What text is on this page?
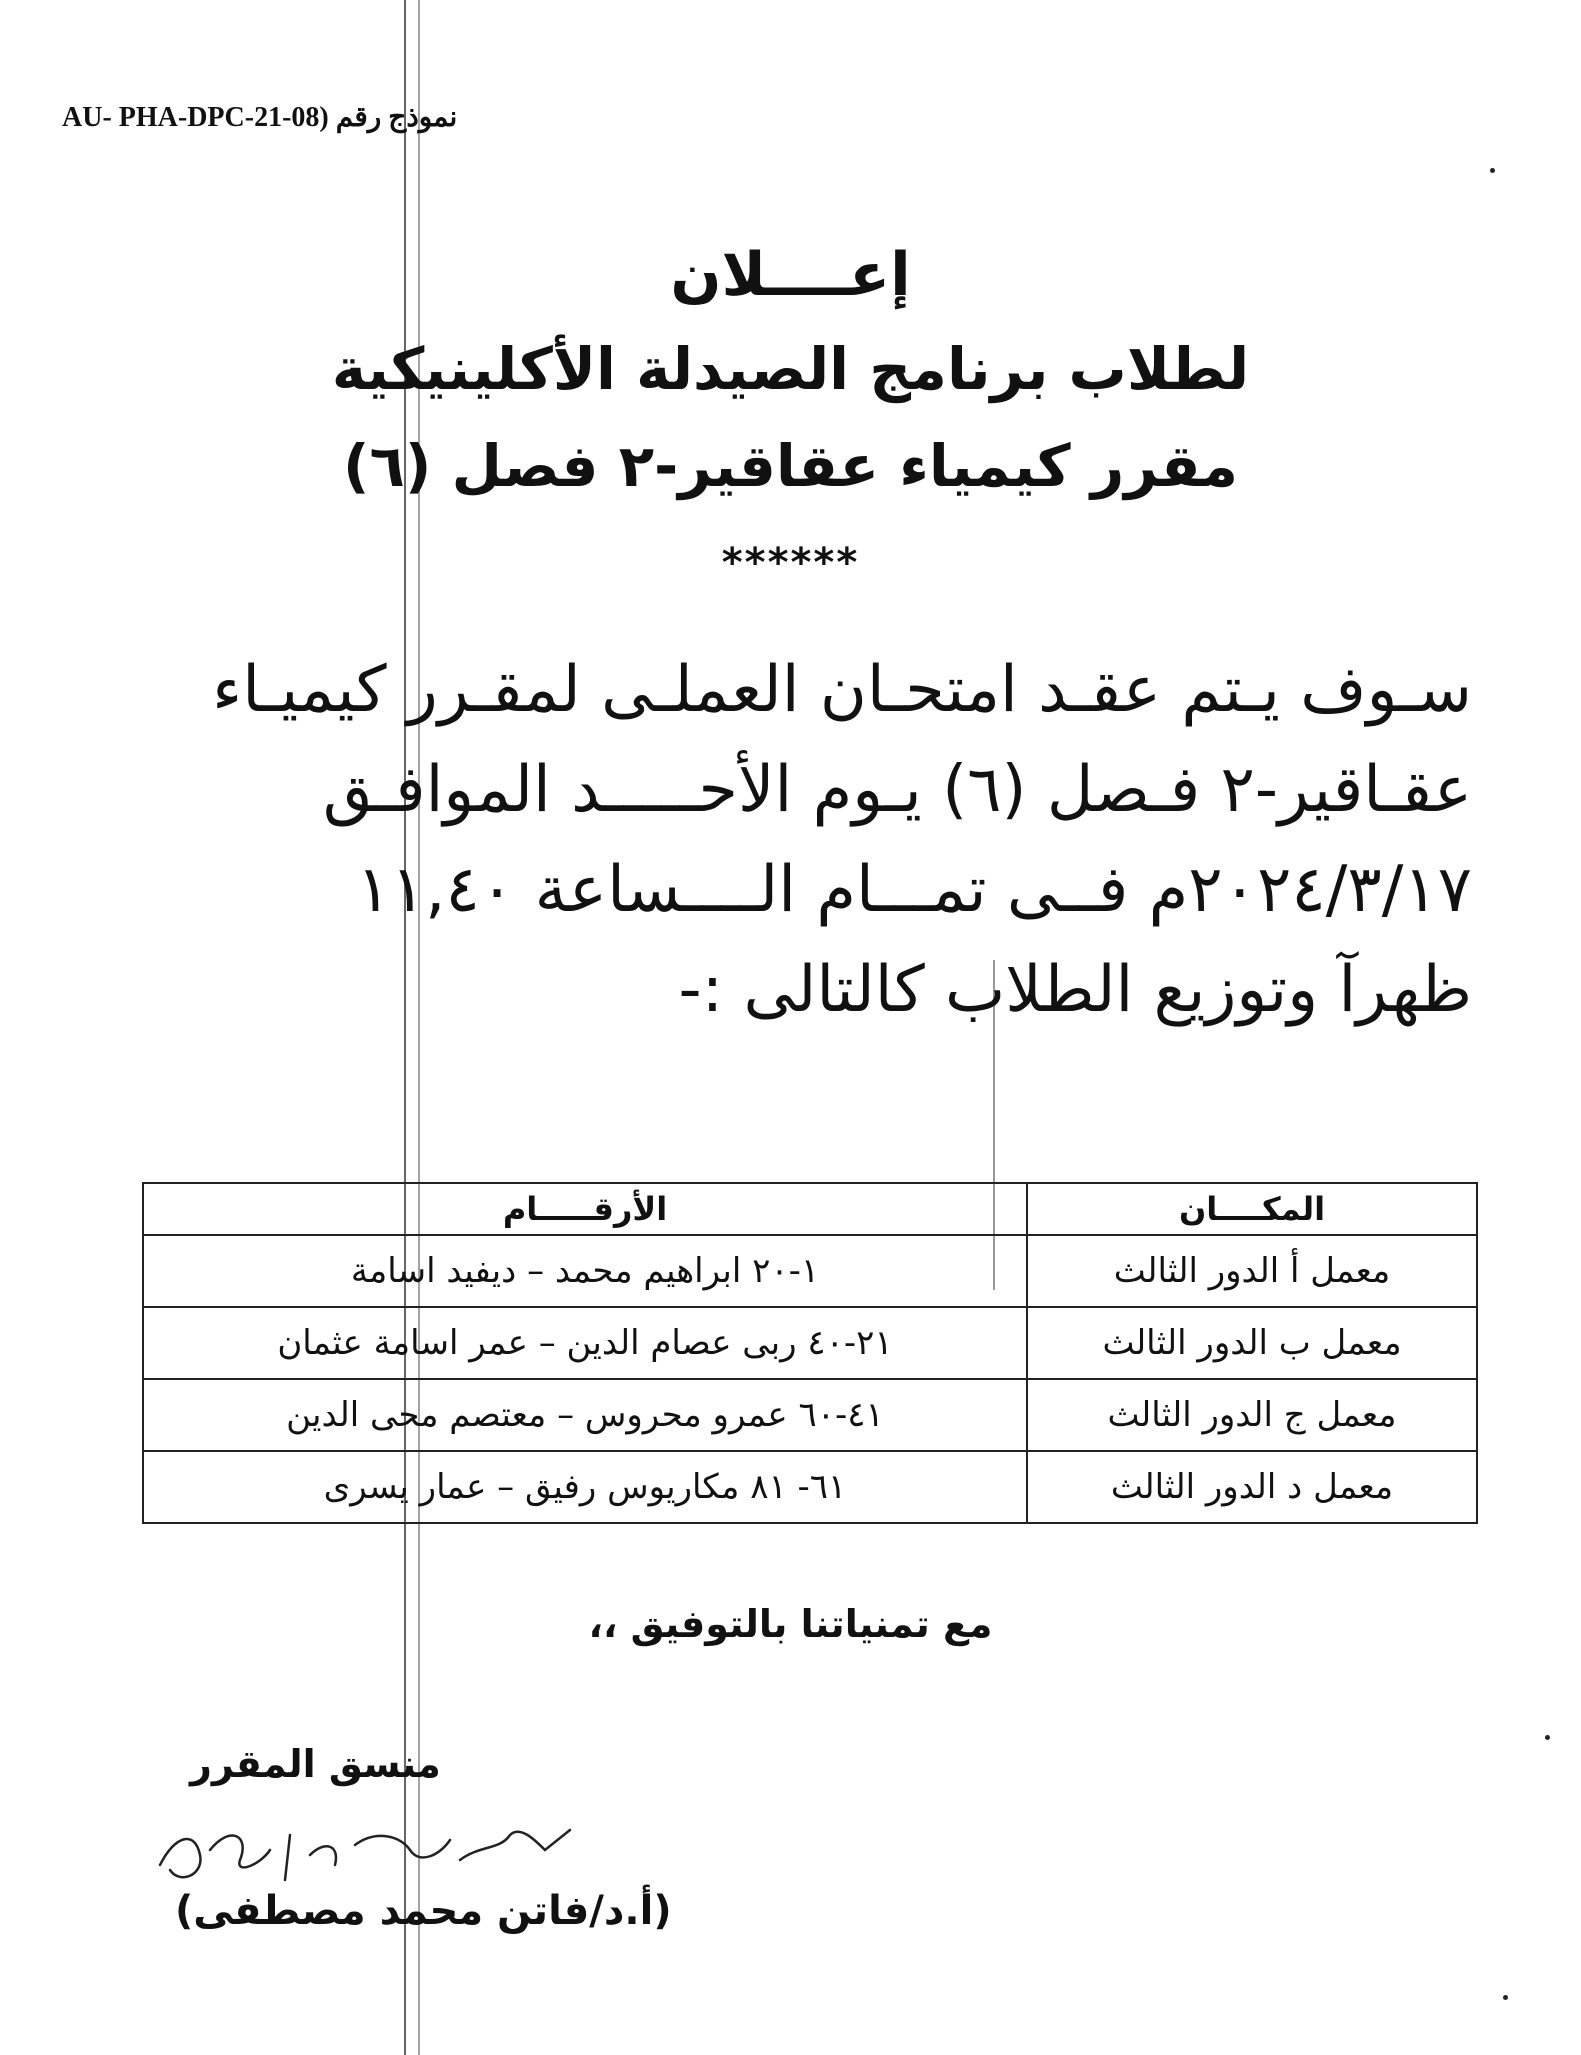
نموذج رقم (AU- PHA-DPC-21-08
إعــــلان
لطلاب برنامج الصيدلة الأكلينيكية
مقرر كيمياء عقاقير-٢ فصل (٦)
******
سـوف يـتم عقـد امتحـان العملـى لمقـرر كيميـاء
عقـاقير-٢ فـصل (٦) يـوم الأحـــــد الموافـق
٢٠٢٤/٣/١٧م فــى تمـــام الــــساعة ١١,٤٠
ظهرآ وتوزيع الطلاب كالتالى :-
المكــــان	الأرقـــــام
معمل أ الدور الثالث	١-٢٠ ابراهيم محمد – ديفيد اسامة
معمل ب الدور الثالث	٢١-٤٠ ربى عصام الدين – عمر اسامة عثمان
معمل ج الدور الثالث	٤١-٦٠ عمرو محروس – معتصم محى الدين
معمل د الدور الثالث	٦١- ٨١ مكاريوس رفيق – عمار يسرى
مع تمنياتنا بالتوفيق ،،
منسق المقرر
(أ.د/فاتن محمد مصطفى)
